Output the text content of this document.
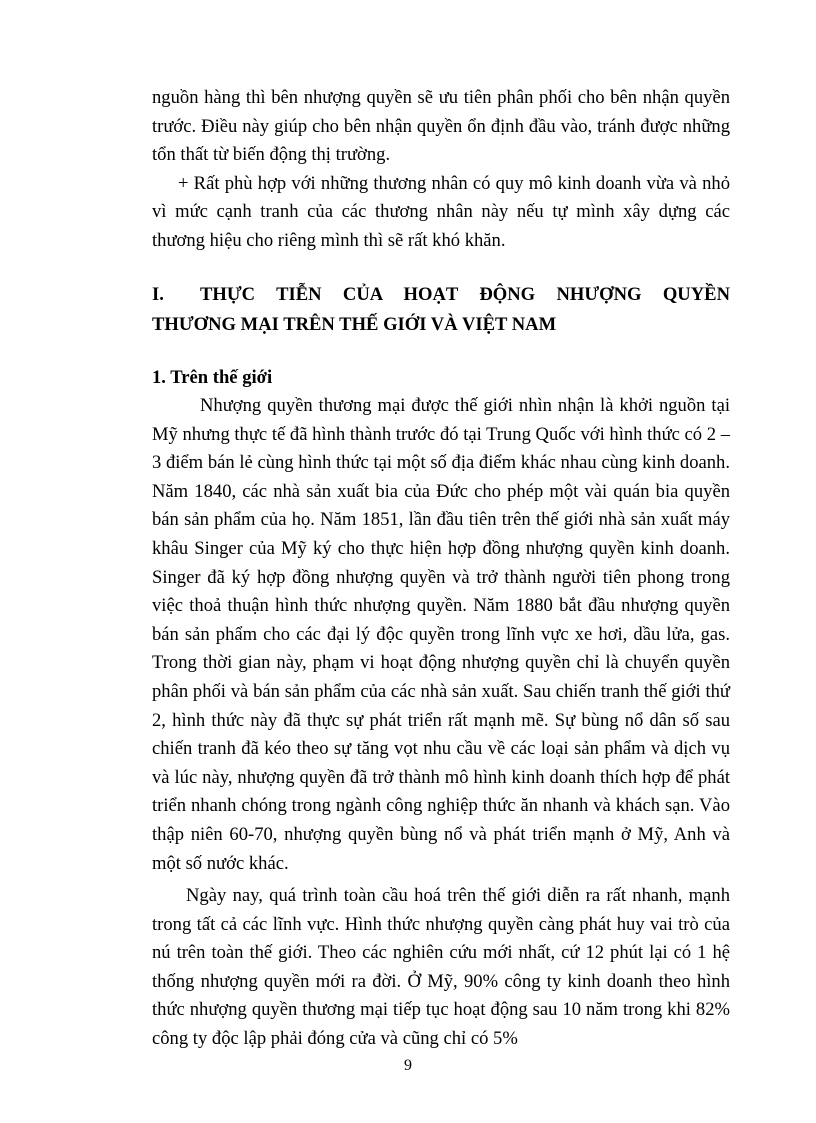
nguồn hàng thì bên nhượng quyền sẽ ưu tiên phân phối cho bên nhận quyền trước. Điều này giúp cho bên nhận quyền ổn định đầu vào, tránh được những tổn thất từ biến động thị trường.

+ Rất phù hợp với những thương nhân có quy mô kinh doanh vừa và nhỏ vì mức cạnh tranh của các thương nhân này nếu tự mình xây dựng các thương hiệu cho riêng mình thì sẽ rất khó khăn.

I.	THỰC TIỄN CỦA HOẠT ĐỘNG NHƯỢNG QUYỀN
THƯƠNG MẠI TRÊN THẾ GIỚI VÀ VIỆT NAM
1. Trên thế giới

Nhượng quyền thương mại được thế giới nhìn nhận là khởi nguồn tại Mỹ nhưng thực tế đã hình thành trước đó tại Trung Quốc với hình thức có 2 – 3 điểm bán lẻ cùng hình thức tại một số địa điểm khác nhau cùng kinh doanh. Năm 1840, các nhà sản xuất bia của Đức cho phép một vài quán bia quyền bán sản phẩm của họ. Năm 1851, lần đầu tiên trên thế giới nhà sản xuất máy khâu Singer của Mỹ ký cho thực hiện hợp đồng nhượng quyền kinh doanh. Singer đã ký hợp đồng nhượng quyền và trở thành người tiên phong trong việc thoả thuận hình thức nhượng quyền. Năm 1880 bắt đầu nhượng quyền bán sản phẩm cho các đại lý độc quyền trong lĩnh vực xe hơi, dầu lửa, gas. Trong thời gian này, phạm vi hoạt động nhượng quyền chỉ là chuyển quyền phân phối và bán sản phẩm của các nhà sản xuất. Sau chiến tranh thế giới thứ 2, hình thức này đã thực sự phát triển rất mạnh mẽ. Sự bùng nổ dân số sau chiến tranh đã kéo theo sự tăng vọt nhu cầu về các loại sản phẩm và dịch vụ và lúc này, nhượng quyền đã trở thành mô hình kinh doanh thích hợp để phát triển nhanh chóng trong ngành công nghiệp thức ăn nhanh và khách sạn. Vào thập niên 60-70, nhượng quyền bùng nổ và phát triển mạnh ở Mỹ, Anh và một số nước khác.

Ngày nay, quá trình toàn cầu hoá trên thế giới diễn ra rất nhanh, mạnh trong tất cả các lĩnh vực. Hình thức nhượng quyền càng phát huy vai trò của nú trên toàn thế giới. Theo các nghiên cứu mới nhất, cứ 12 phút lại có 1 hệ thống nhượng quyền mới ra đời. Ở Mỹ, 90% công ty kinh doanh theo hình thức nhượng quyền thương mại tiếp tục hoạt động sau 10 năm trong khi 82% công ty độc lập phải đóng cửa và cũng chỉ có 5%

9
